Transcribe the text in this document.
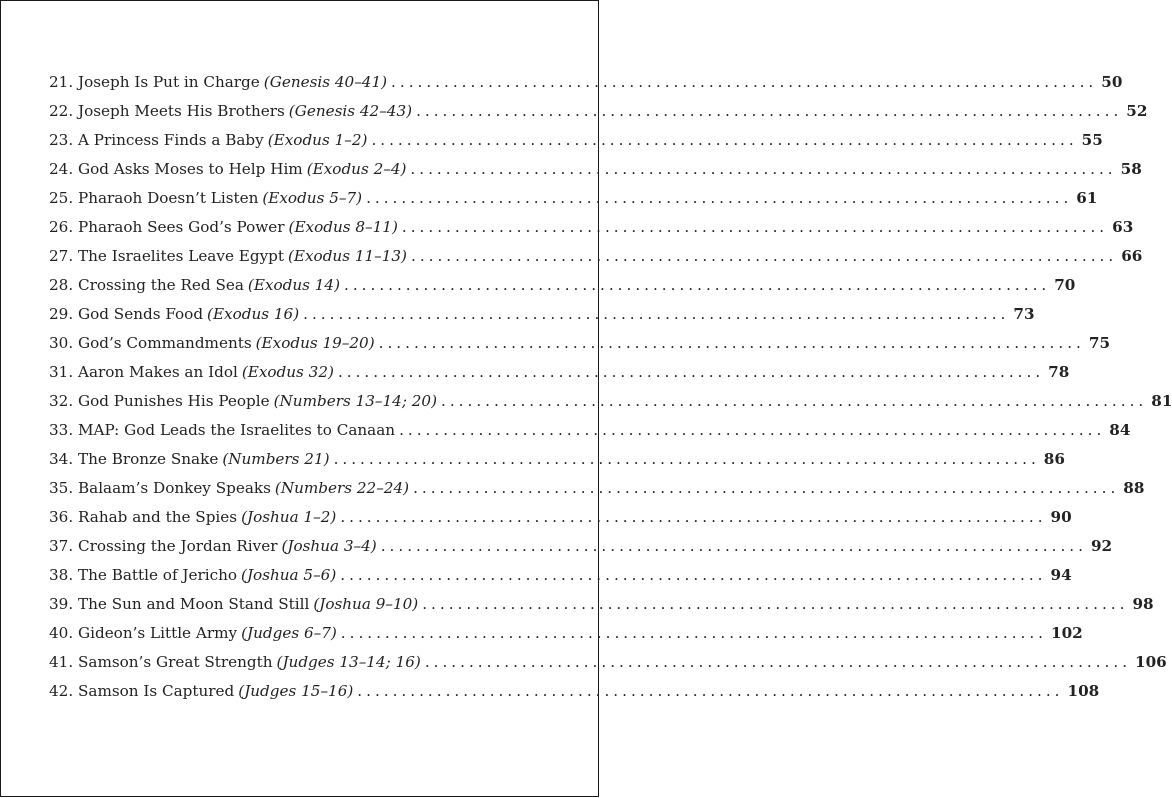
21. Joseph Is Put in Charge (Genesis 40–41) ................................................................................ 50
22. Joseph Meets His Brothers (Genesis 42–43) ................................................................................ 52
23. A Princess Finds a Baby (Exodus 1–2) ................................................................................ 55
24. God Asks Moses to Help Him (Exodus 2–4) ................................................................................ 58
25. Pharaoh Doesn’t Listen (Exodus 5–7) ................................................................................ 61
26. Pharaoh Sees God’s Power (Exodus 8–11) ................................................................................ 63
27. The Israelites Leave Egypt (Exodus 11–13) ................................................................................ 66
28. Crossing the Red Sea (Exodus 14) ................................................................................ 70
29. God Sends Food (Exodus 16) ................................................................................ 73
30. God’s Commandments (Exodus 19–20) ................................................................................ 75
31. Aaron Makes an Idol (Exodus 32) ................................................................................ 78
32. God Punishes His People (Numbers 13–14; 20) ................................................................................ 81
33. MAP: God Leads the Israelites to Canaan ................................................................................ 84
34. The Bronze Snake (Numbers 21) ................................................................................ 86
35. Balaam’s Donkey Speaks (Numbers 22–24) ................................................................................ 88
36. Rahab and the Spies (Joshua 1–2) ................................................................................ 90
37. Crossing the Jordan River (Joshua 3–4) ................................................................................ 92
38. The Battle of Jericho (Joshua 5–6) ................................................................................ 94
39. The Sun and Moon Stand Still (Joshua 9–10) ................................................................................ 98
40. Gideon’s Little Army (Judges 6–7) ................................................................................ 102
41. Samson’s Great Strength (Judges 13–14; 16) ................................................................................ 106
42. Samson Is Captured (Judges 15–16) ................................................................................ 108
